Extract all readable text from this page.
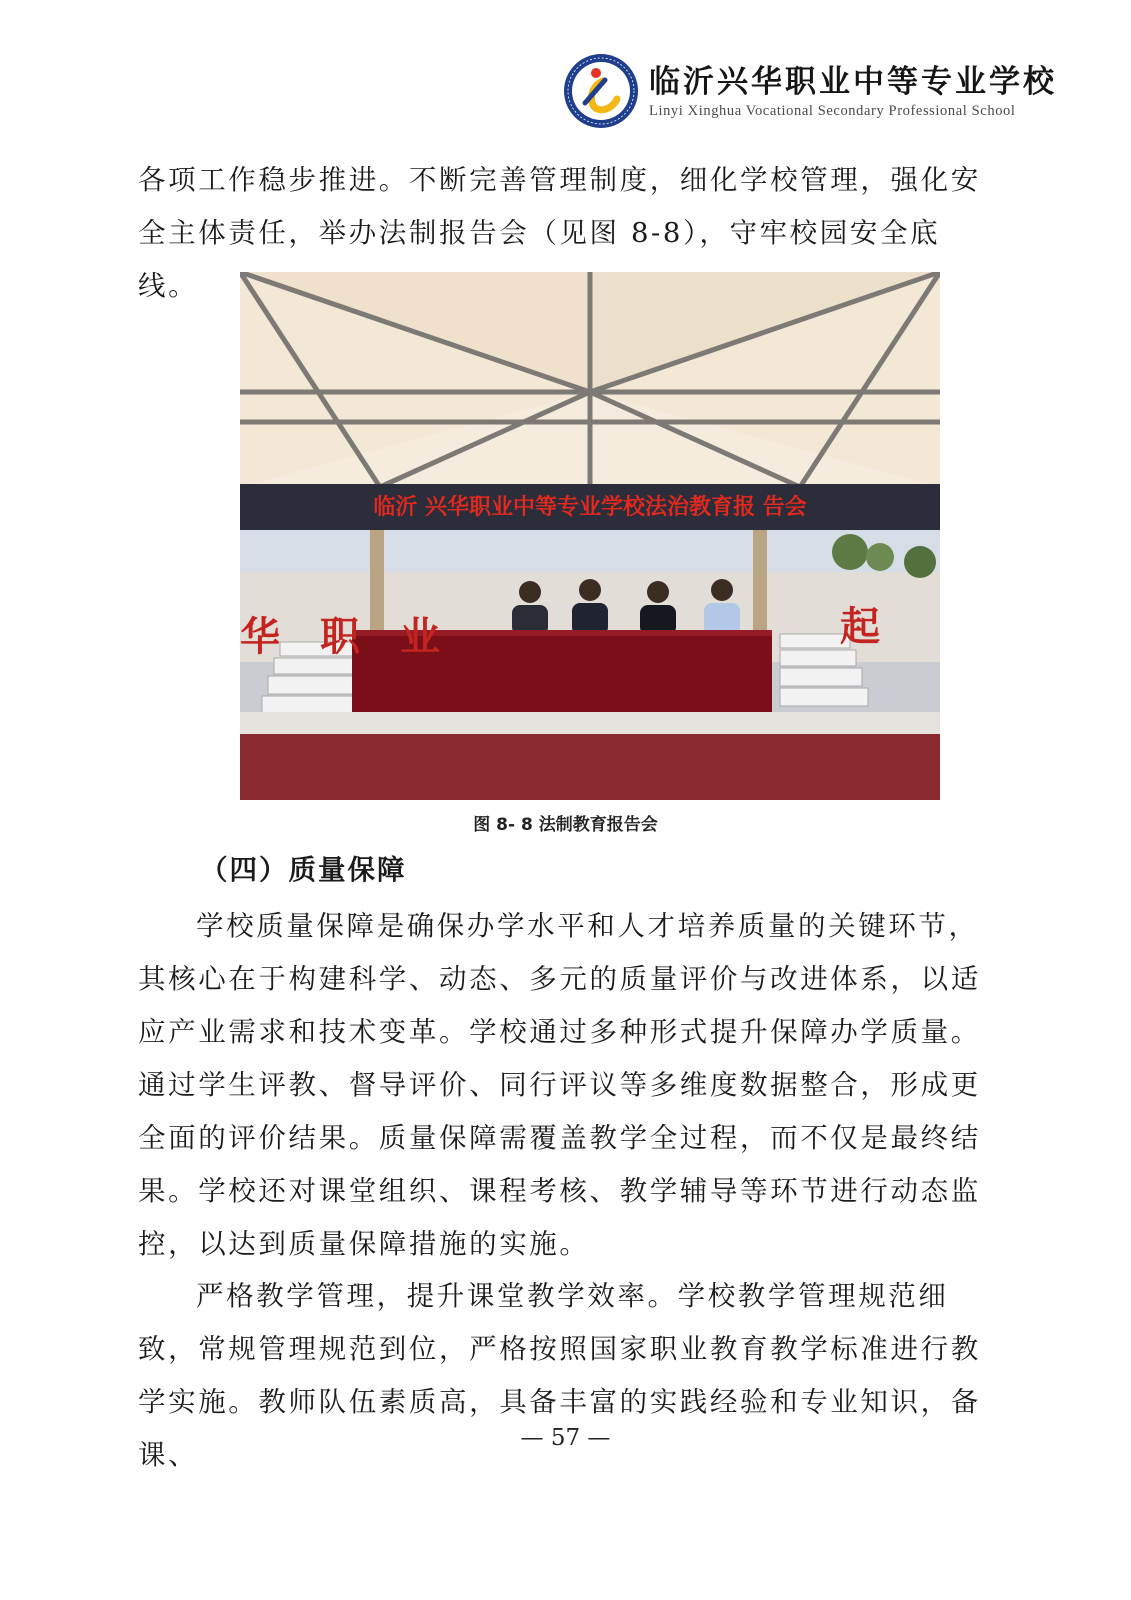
临沂兴华职业中等专业学校
Linyi Xinghua Vocational Secondary Professional School

各项工作稳步推进。不断完善管理制度，细化学校管理，强化安全主体责任，举办法制报告会（见图 8-8），守牢校园安全底线。

临沂 兴华职业中等专业学校法治教育报 告会
华 职 业	起
图 8- 8 法制教育报告会
（四）质量保障

学校质量保障是确保办学水平和人才培养质量的关键环节，其核心在于构建科学、动态、多元的质量评价与改进体系，以适应产业需求和技术变革。学校通过多种形式提升保障办学质量。通过学生评教、督导评价、同行评议等多维度数据整合，形成更全面的评价结果。质量保障需覆盖教学全过程，而不仅是最终结果。学校还对课堂组织、课程考核、教学辅导等环节进行动态监控，以达到质量保障措施的实施。

严格教学管理，提升课堂教学效率。学校教学管理规范细致，常规管理规范到位，严格按照国家职业教育教学标准进行教学实施。教师队伍素质高，具备丰富的实践经验和专业知识，备课、

— 57 —
